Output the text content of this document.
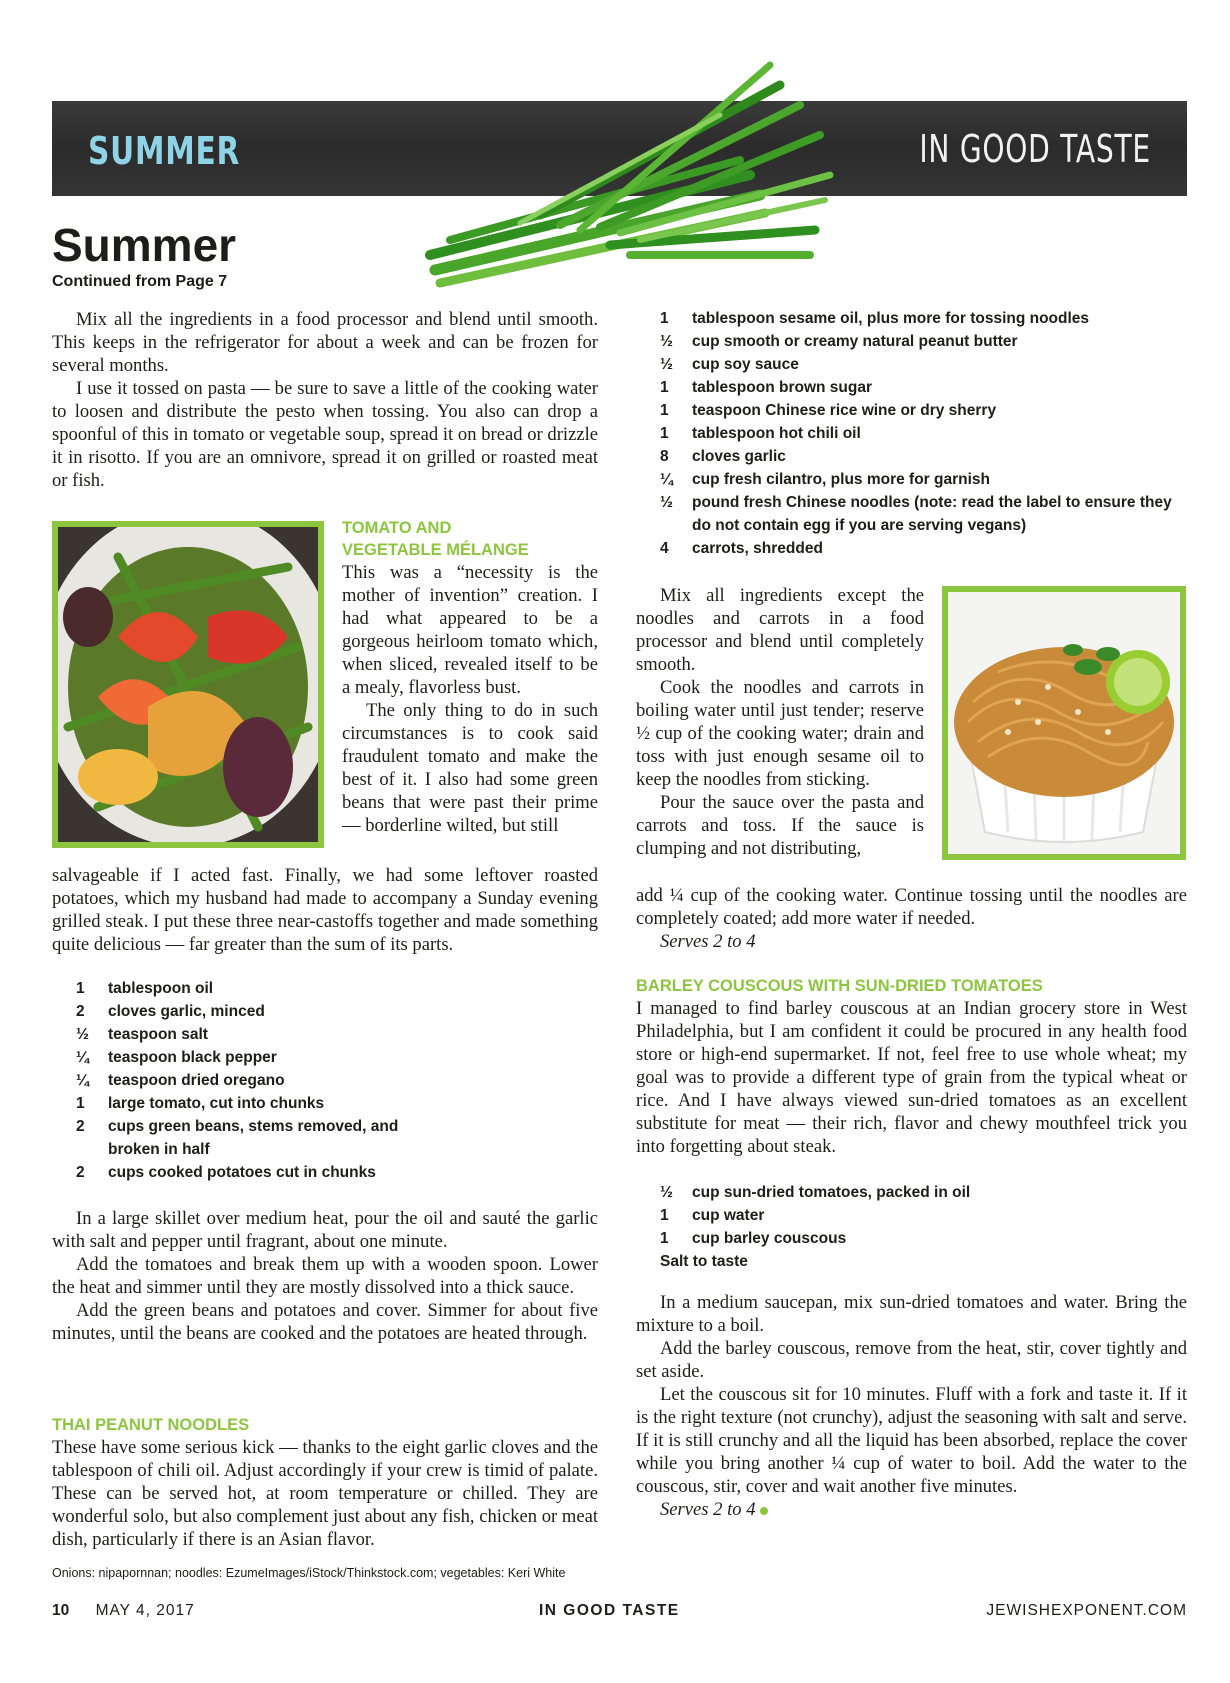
SUMMER	IN GOOD TASTE
Summer
Continued from Page 7

Mix all the ingredients in a food processor and blend until smooth. This keeps in the refrigerator for about a week and can be frozen for several months.

I use it tossed on pasta — be sure to save a little of the cooking water to loosen and distribute the pesto when tossing. You also can drop a spoonful of this in tomato or vegetable soup, spread it on bread or drizzle it in risotto. If you are an omnivore, spread it on grilled or roasted meat or fish.

TOMATO AND

VEGETABLE MÉLANGE

This was a “necessity is the mother of invention” creation. I had what appeared to be a gorgeous heirloom tomato which, when sliced, revealed itself to be a mealy, flavorless bust.

The only thing to do in such circumstances is to cook said fraudulent tomato and make the best of it. I also had some green beans that were past their prime — borderline wilted, but still

salvageable if I acted fast. Finally, we had some leftover roasted potatoes, which my husband had made to accompany a Sunday evening grilled steak. I put these three near-castoffs together and made something quite delicious — far greater than the sum of its parts.

1	tablespoon oil
2	cloves garlic, minced
½	teaspoon salt
¼	teaspoon black pepper
¼	teaspoon dried oregano
1	large tomato, cut into chunks
2	cups green beans, stems removed, and broken in half
2	cups cooked potatoes cut in chunks

In a large skillet over medium heat, pour the oil and sauté the garlic with salt and pepper until fragrant, about one minute.

Add the tomatoes and break them up with a wooden spoon. Lower the heat and simmer until they are mostly dissolved into a thick sauce.

Add the green beans and potatoes and cover. Simmer for about five minutes, until the beans are cooked and the potatoes are heated through.

THAI PEANUT NOODLES

These have some serious kick — thanks to the eight garlic cloves and the tablespoon of chili oil. Adjust accordingly if your crew is timid of palate. These can be served hot, at room temperature or chilled. They are wonderful solo, but also complement just about any fish, chicken or meat dish, particularly if there is an Asian flavor.

1	tablespoon sesame oil, plus more for tossing noodles
½	cup smooth or creamy natural peanut butter
½	cup soy sauce
1	tablespoon brown sugar
1	teaspoon Chinese rice wine or dry sherry
1	tablespoon hot chili oil
8	cloves garlic
¼	cup fresh cilantro, plus more for garnish
½	pound fresh Chinese noodles (note: read the label to ensure they do not contain egg if you are serving vegans)
4	carrots, shredded

Mix all ingredients except the noodles and carrots in a food processor and blend until completely smooth.

Cook the noodles and carrots in boiling water until just tender; reserve ½ cup of the cooking water; drain and toss with just enough sesame oil to keep the noodles from sticking.

Pour the sauce over the pasta and carrots and toss. If the sauce is clumping and not distributing,

add ¼ cup of the cooking water. Continue tossing until the noodles are completely coated; add more water if needed.

Serves 2 to 4

BARLEY COUSCOUS WITH SUN-DRIED TOMATOES

I managed to find barley couscous at an Indian grocery store in West Philadelphia, but I am confident it could be procured in any health food store or high-end supermarket. If not, feel free to use whole wheat; my goal was to provide a different type of grain from the typical wheat or rice. And I have always viewed sun-dried tomatoes as an excellent substitute for meat — their rich, flavor and chewy mouthfeel trick you into forgetting about steak.

½	cup sun-dried tomatoes, packed in oil
1	cup water
1	cup barley couscous
Salt to taste

In a medium saucepan, mix sun-dried tomatoes and water. Bring the mixture to a boil.

Add the barley couscous, remove from the heat, stir, cover tightly and set aside.

Let the couscous sit for 10 minutes. Fluff with a fork and taste it. If it is the right texture (not crunchy), adjust the seasoning with salt and serve. If it is still crunchy and all the liquid has been absorbed, replace the cover while you bring another ¼ cup of water to boil. Add the water to the couscous, stir, cover and wait another five minutes.

Serves 2 to 4

Onions: nipapornnan; noodles: EzumeImages/iStock/Thinkstock.com; vegetables: Keri White
10 MAY 4, 2017	IN GOOD TASTE	JEWISHEXPONENT.COM
